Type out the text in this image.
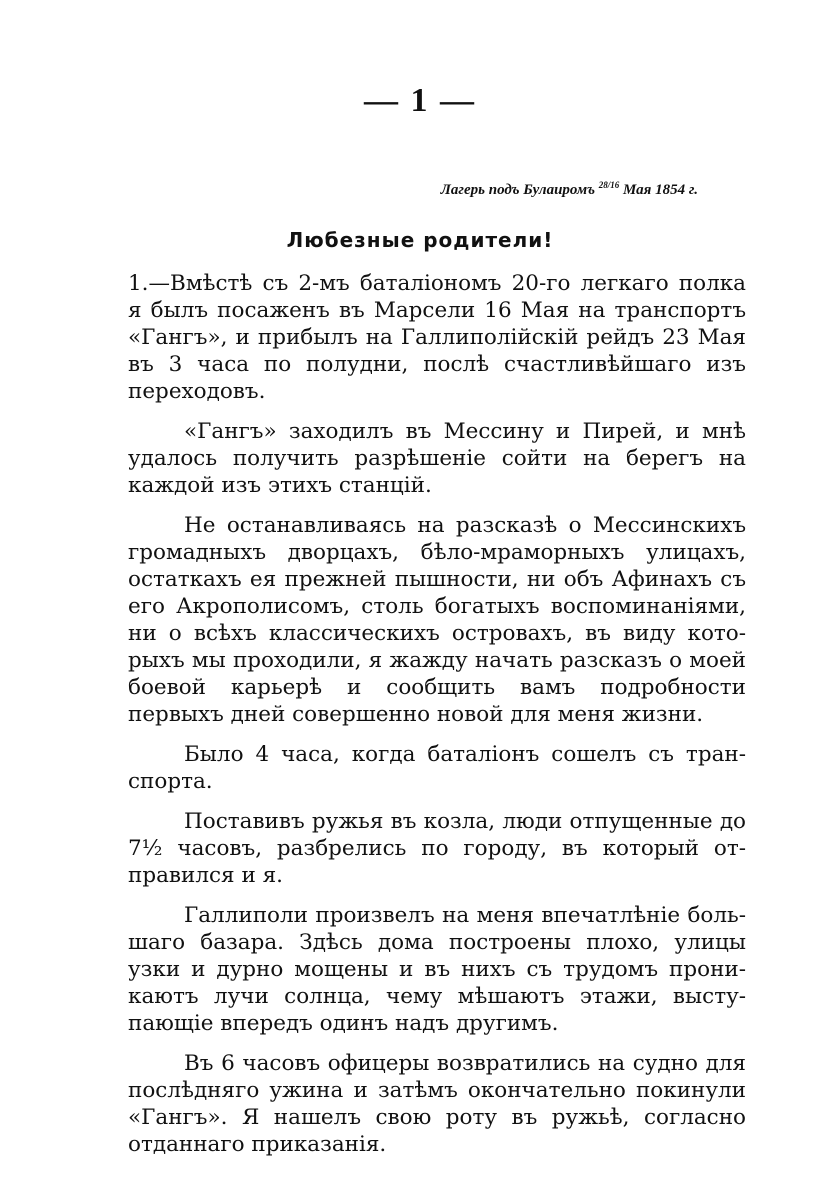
— 1 —
Лагерь подъ Булаиромъ $^{28/16}$ Мая 1854 г.
Любезные родители!

1.—Вмѣстѣ съ 2-мъ баталіономъ 20-го легкаго полка я былъ посаженъ въ Марсели 16 Мая на транспортъ «Гангъ», и прибылъ на Галлиполійскій рейдъ 23 Мая въ 3 часа по полудни, послѣ счастливѣйшаго изъ переходовъ.

«Гангъ» заходилъ въ Мессину и Пирей, и мнѣ удалось получить разрѣшеніе сойти на берегъ на каждой изъ этихъ станцій.

Не останавливаясь на разсказѣ о Мессинскихъ громадныхъ дворцахъ, бѣло-мраморныхъ улицахъ, остаткахъ ея прежней пышности, ни объ Афинахъ съ его Акрополисомъ, столь богатыхъ воспоминаніями, ни о всѣхъ классическихъ островахъ, въ виду которыхъ мы проходили, я жажду начать разсказъ о моей боевой карьерѣ и сообщить вамъ подробности первыхъ дней совершенно новой для меня жизни.

Было 4 часа, когда баталіонъ сошелъ съ транспорта.

Поставивъ ружья въ козла, люди отпущенные до 7½ часовъ, разбрелись по городу, въ который отправился и я.

Галлиполи произвелъ на меня впечатлѣніе большаго базара. Здѣсь дома построены плохо, улицы узки и дурно мощены и въ нихъ съ трудомъ проникаютъ лучи солнца, чему мѣшаютъ этажи, выступающіе впередъ одинъ надъ другимъ.

Въ 6 часовъ офицеры возвратились на судно для послѣдняго ужина и затѣмъ окончательно покинули «Гангъ». Я нашелъ свою роту въ ружьѣ, согласно отданнаго приказанія.
